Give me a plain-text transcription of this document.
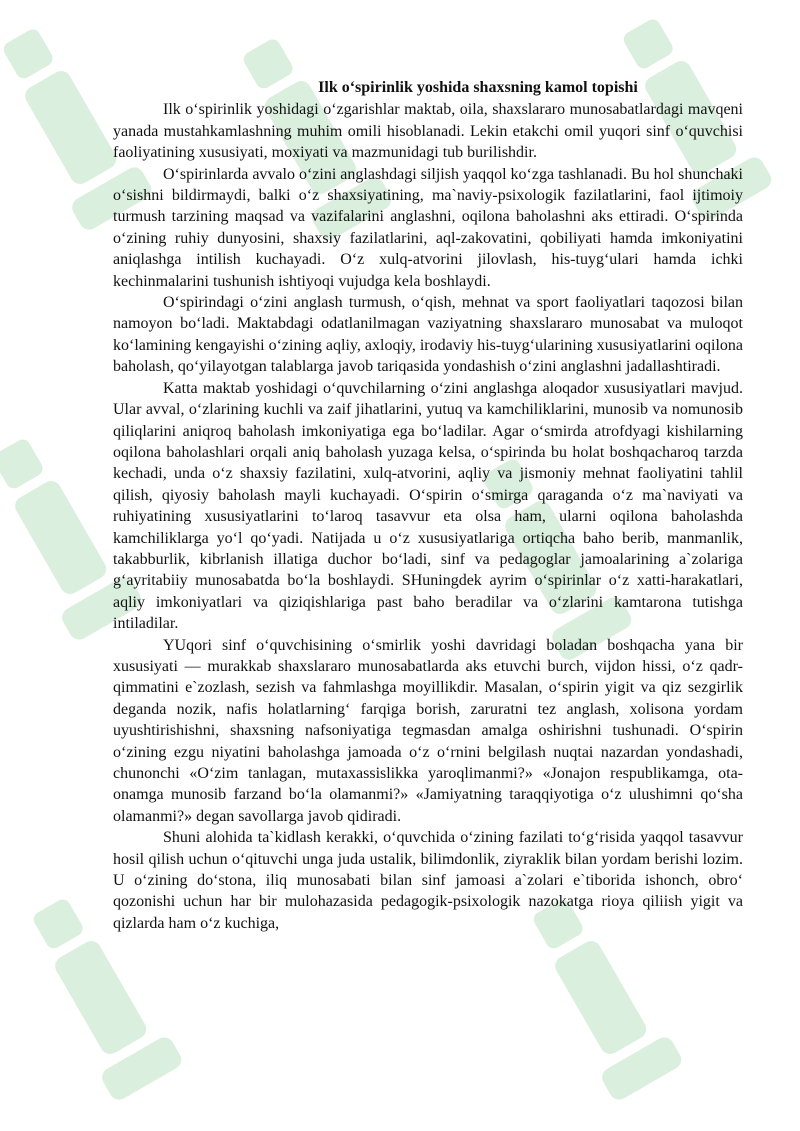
Ilk oʻspirinlik yoshida shaxsning kamol topishi

Ilk oʻspirinlik yoshidagi oʻzgarishlar maktab, oila, shaxslararo munosabatlardagi mavqeni yanada mustahkamlashning muhim omili hisoblanadi. Lekin etakchi omil yuqori sinf oʻquvchisi faoliyatining xususiyati, moxiyati va mazmunidagi tub burilishdir.

Oʻspirinlarda avvalo oʻzini anglashdagi siljish yaqqol koʻzga tashlanadi. Bu hol shunchaki oʻsishni bildirmaydi, balki oʻz shaxsiyatining, ma`naviy-psixologik fazilatlarini, faol ijtimoiy turmush tarzining maqsad va vazifalarini anglashni, oqilona baholashni aks ettiradi. Oʻspirinda oʻzining ruhiy dunyosini, shaxsiy fazilatlarini, aql-zakovatini, qobiliyati hamda imkoniyatini aniqlashga intilish kuchayadi. Oʻz xulq-atvorini jilovlash, his-tuygʻulari hamda ichki kechinmalarini tushunish ishtiyoqi vujudga kela boshlaydi.

Oʻspirindagi oʻzini anglash turmush, oʻqish, mehnat va sport faoliyatlari taqozosi bilan namoyon boʻladi. Maktabdagi odatlanilmagan vaziyatning shaxslararo munosabat va muloqot koʻlamining kengayishi oʻzining aqliy, axloqiy, irodaviy his-tuygʻularining xususiyatlarini oqilona baholash, qoʻyilayotgan talablarga javob tariqasida yondashish oʻzini anglashni jadallashtiradi.

Katta maktab yoshidagi oʻquvchilarning oʻzini anglashga aloqador xususiyatlari mavjud. Ular avval, oʻzlarining kuchli va zaif jihatlarini, yutuq va kamchiliklarini, munosib va nomunosib qiliqlarini aniqroq baholash imkoniyatiga ega boʻladilar. Agar oʻsmirda atrofdyagi kishilarning oqilona baholashlari orqali aniq baholash yuzaga kelsa, oʻspirinda bu holat boshqacharoq tarzda kechadi, unda oʻz shaxsiy fazilatini, xulq-atvorini, aqliy va jismoniy mehnat faoliyatini tahlil qilish, qiyosiy baholash mayli kuchayadi. Oʻspirin oʻsmirga qaraganda oʻz ma`naviyati va ruhiyatining xususiyatlarini toʻlaroq tasavvur eta olsa ham, ularni oqilona baholashda kamchiliklarga yoʻl qoʻyadi. Natijada u oʻz xususiyatlariga ortiqcha baho berib, manmanlik, takabburlik, kibrlanish illatiga duchor boʻladi, sinf va pedagoglar jamoalarining a`zolariga gʻayritabiiy munosabatda boʻla boshlaydi. SHuningdek ayrim oʻspirinlar oʻz xatti-harakatlari, aqliy imkoniyatlari va qiziqishlariga past baho beradilar va oʻzlarini kamtarona tutishga intiladilar.

YUqori sinf oʻquvchisining oʻsmirlik yoshi davridagi boladan boshqacha yana bir xususiyati — murakkab shaxslararo munosabatlarda aks etuvchi burch, vijdon hissi, oʻz qadr-qimmatini e`zozlash, sezish va fahmlashga moyillikdir. Masalan, oʻspirin yigit va qiz sezgirlik deganda nozik, nafis holatlarningʻ farqiga borish, zaruratni tez anglash, xolisona yordam uyushtirishishni, shaxsning nafsoniyatiga tegmasdan amalga oshirishni tushunadi. Oʻspirin oʻzining ezgu niyatini baholashga jamoada oʻz oʻrnini belgilash nuqtai nazardan yondashadi, chunonchi «Oʻzim tanlagan, mutaxassislikka yaroqlimanmi?» «Jonajon respublikamga, ota-onamga munosib farzand boʻla olamanmi?» «Jamiyatning taraqqiyotiga oʻz ulushimni qoʻsha olamanmi?» degan savollarga javob qidiradi.

Shuni alohida ta`kidlash kerakki, oʻquvchida oʻzining fazilati toʻgʻrisida yaqqol tasavvur hosil qilish uchun oʻqituvchi unga juda ustalik, bilimdonlik, ziyraklik bilan yordam berishi lozim. U oʻzining doʻstona, iliq munosabati bilan sinf jamoasi a`zolari e`tiborida ishonch, obroʻ qozonishi uchun har bir mulohazasida pedagogik-psixologik nazokatga rioya qiliish yigit va qizlarda ham oʻz kuchiga,
